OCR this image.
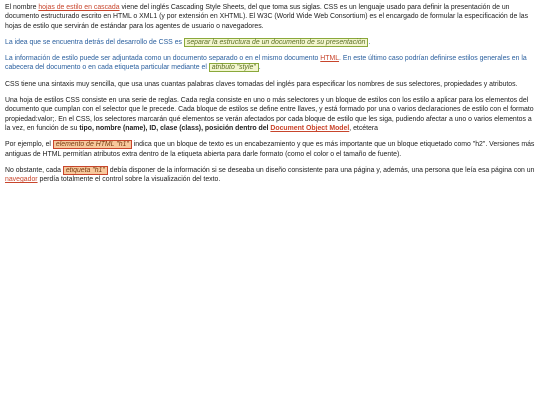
El nombre hojas de estilo en cascada viene del inglés Cascading Style Sheets, del que toma sus siglas. CSS es un lenguaje usado para definir la presentación de un documento estructurado escrito en HTML o XML1 (y por extensión en XHTML). El W3C (World Wide Web Consortium) es el encargado de formular la especificación de las hojas de estilo que servirán de estándar para los agentes de usuario o navegadores.

La idea que se encuentra detrás del desarrollo de CSS es separar la estructura de un documento de su presentación .

La información de estilo puede ser adjuntada como un documento separado o en el mismo documento HTML. En este último caso podrían definirse estilos generales en la cabecera del documento o en cada etiqueta particular mediante el atributo "style" .

CSS tiene una sintaxis muy sencilla, que usa unas cuantas palabras claves tomadas del inglés para especificar los nombres de sus selectores, propiedades y atributos.

Una hoja de estilos CSS consiste en una serie de reglas. Cada regla consiste en uno o más selectores y un bloque de estilos con los estilo a aplicar para los elementos del documento que cumplan con el selector que le precede. Cada bloque de estilos se define entre llaves, y está formado por una o varios declaraciones de estilo con el formato propiedad:valor;. En el CSS, los selectores marcarán qué elementos se verán afectados por cada bloque de estilo que les siga, pudiendo afectar a uno o varios elementos a la vez, en función de su tipo, nombre (name), ID, clase (class), posición dentro del Document Object Model, etcétera

Por ejemplo, el elemento de HTML "h1" indica que un bloque de texto es un encabezamiento y que es más importante que un bloque etiquetado como "h2". Versiones más antiguas de HTML permitían atributos extra dentro de la etiqueta abierta para darle formato (como el color o el tamaño de fuente).

No obstante, cada etiqueta "h1" debía disponer de la información si se deseaba un diseño consistente para una página y, además, una persona que leía esa página con un navegador perdía totalmente el control sobre la visualización del texto.
